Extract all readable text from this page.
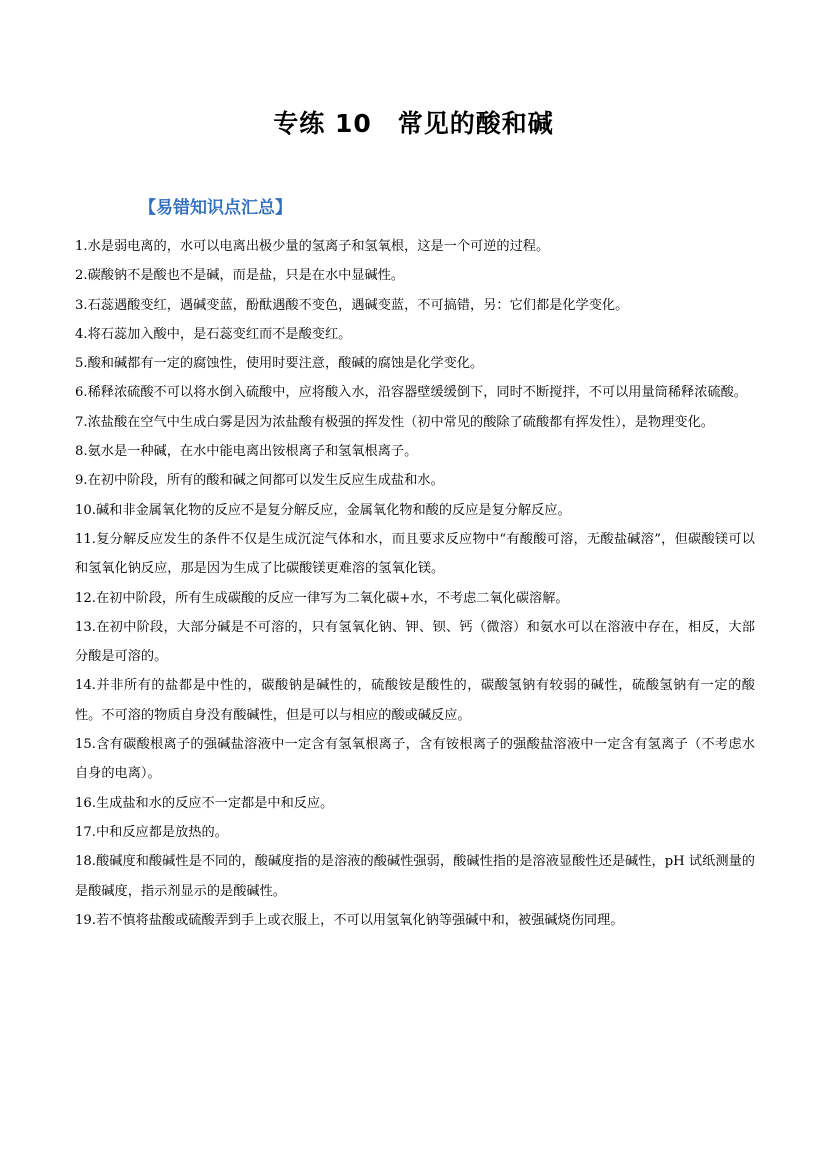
专练 10　常见的酸和碱
【易错知识点汇总】
1.水是弱电离的，水可以电离出极少量的氢离子和氢氧根，这是一个可逆的过程。
2.碳酸钠不是酸也不是碱，而是盐，只是在水中显碱性。
3.石蕊遇酸变红，遇碱变蓝，酚酞遇酸不变色，遇碱变蓝，不可搞错，另：它们都是化学变化。
4.将石蕊加入酸中，是石蕊变红而不是酸变红。
5.酸和碱都有一定的腐蚀性，使用时要注意，酸碱的腐蚀是化学变化。
6.稀释浓硫酸不可以将水倒入硫酸中，应将酸入水，沿容器壁缓缓倒下，同时不断搅拌，不可以用量筒稀释浓硫酸。
7.浓盐酸在空气中生成白雾是因为浓盐酸有极强的挥发性（初中常见的酸除了硫酸都有挥发性），是物理变化。
8.氨水是一种碱，在水中能电离出铵根离子和氢氧根离子。
9.在初中阶段，所有的酸和碱之间都可以发生反应生成盐和水。
10.碱和非金属氧化物的反应不是复分解反应，金属氧化物和酸的反应是复分解反应。
11.复分解反应发生的条件不仅是生成沉淀气体和水，而且要求反应物中“有酸酸可溶，无酸盐碱溶”，但碳酸镁可以和氢氧化钠反应，那是因为生成了比碳酸镁更难溶的氢氧化镁。
12.在初中阶段，所有生成碳酸的反应一律写为二氧化碳+水，不考虑二氧化碳溶解。
13.在初中阶段，大部分碱是不可溶的，只有氢氧化钠、钾、钡、钙（微溶）和氨水可以在溶液中存在，相反，大部分酸是可溶的。
14.并非所有的盐都是中性的，碳酸钠是碱性的，硫酸铵是酸性的，碳酸氢钠有较弱的碱性，硫酸氢钠有一定的酸性。不可溶的物质自身没有酸碱性，但是可以与相应的酸或碱反应。
15.含有碳酸根离子的强碱盐溶液中一定含有氢氧根离子，含有铵根离子的强酸盐溶液中一定含有氢离子（不考虑水自身的电离）。
16.生成盐和水的反应不一定都是中和反应。
17.中和反应都是放热的。
18.酸碱度和酸碱性是不同的，酸碱度指的是溶液的酸碱性强弱，酸碱性指的是溶液显酸性还是碱性，pH 试纸测量的是酸碱度，指示剂显示的是酸碱性。
19.若不慎将盐酸或硫酸弄到手上或衣服上，不可以用氢氧化钠等强碱中和，被强碱烧伤同理。
